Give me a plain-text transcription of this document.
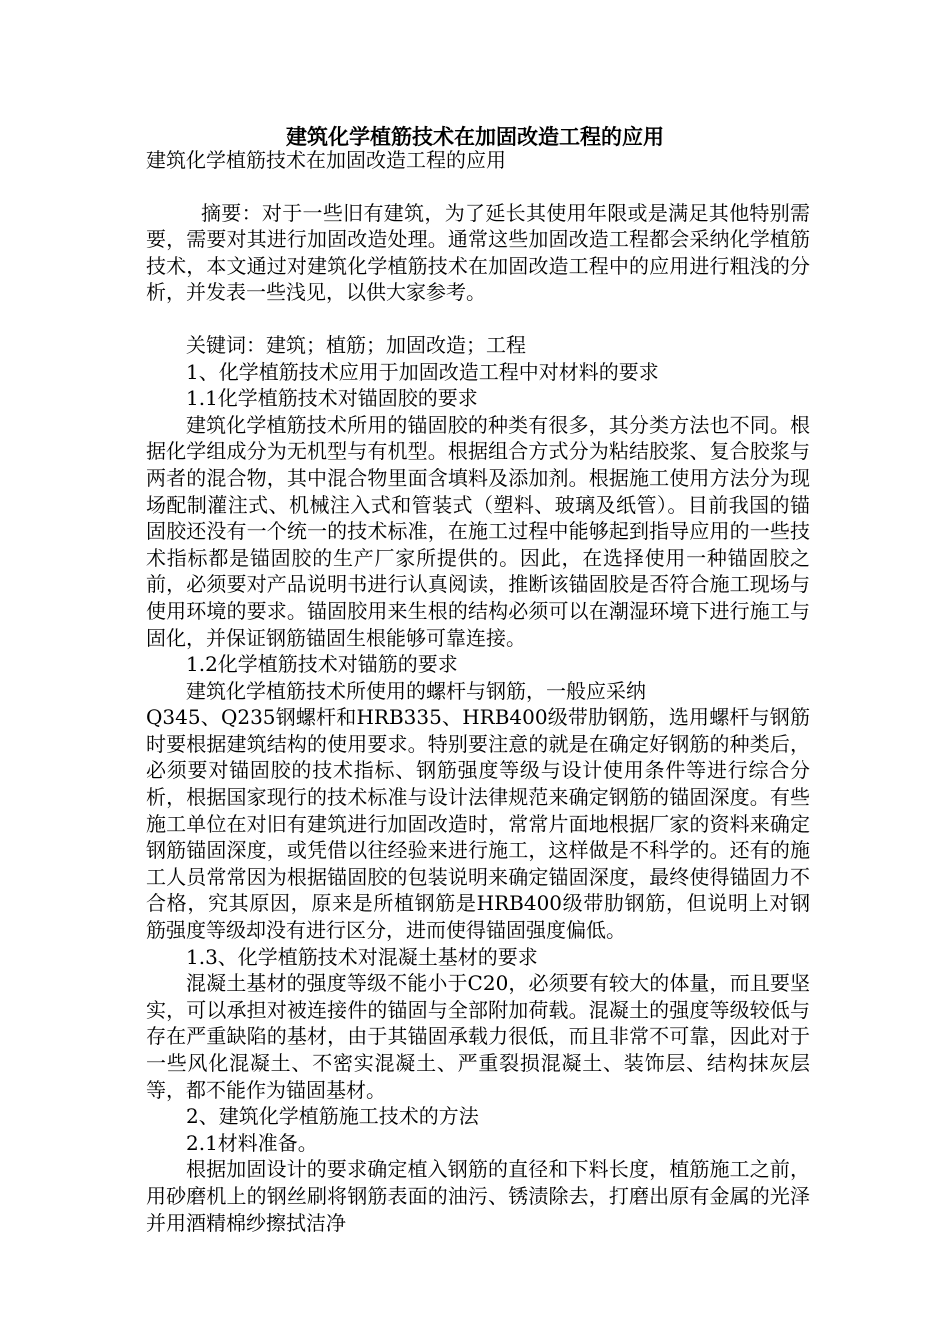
建筑化学植筋技术在加固改造工程的应用

建筑化学植筋技术在加固改造工程的应用

摘要：对于一些旧有建筑，为了延长其使用年限或是满足其他特别需要，需要对其进行加固改造处理。通常这些加固改造工程都会采纳化学植筋技术，本文通过对建筑化学植筋技术在加固改造工程中的应用进行粗浅的分析，并发表一些浅见，以供大家参考。

关键词：建筑；植筋；加固改造；工程

1、化学植筋技术应用于加固改造工程中对材料的要求

1.1化学植筋技术对锚固胶的要求

建筑化学植筋技术所用的锚固胶的种类有很多，其分类方法也不同。根据化学组成分为无机型与有机型。根据组合方式分为粘结胶浆、复合胶浆与两者的混合物，其中混合物里面含填料及添加剂。根据施工使用方法分为现场配制灌注式、机械注入式和管装式（塑料、玻璃及纸管）。目前我国的锚固胶还没有一个统一的技术标准，在施工过程中能够起到指导应用的一些技术指标都是锚固胶的生产厂家所提供的。因此，在选择使用一种锚固胶之前，必须要对产品说明书进行认真阅读，推断该锚固胶是否符合施工现场与使用环境的要求。锚固胶用来生根的结构必须可以在潮湿环境下进行施工与固化，并保证钢筋锚固生根能够可靠连接。

1.2化学植筋技术对锚筋的要求

建筑化学植筋技术所使用的螺杆与钢筋，一般应采纳

Q345、Q235钢螺杆和HRB335、HRB400级带肋钢筋，选用螺杆与钢筋时要根据建筑结构的使用要求。特别要注意的就是在确定好钢筋的种类后，必须要对锚固胶的技术指标、钢筋强度等级与设计使用条件等进行综合分析，根据国家现行的技术标准与设计法律规范来确定钢筋的锚固深度。有些施工单位在对旧有建筑进行加固改造时，常常片面地根据厂家的资料来确定钢筋锚固深度，或凭借以往经验来进行施工，这样做是不科学的。还有的施工人员常常因为根据锚固胶的包装说明来确定锚固深度，最终使得锚固力不合格，究其原因，原来是所植钢筋是HRB400级带肋钢筋，但说明上对钢筋强度等级却没有进行区分，进而使得锚固强度偏低。

1.3、化学植筋技术对混凝土基材的要求

混凝土基材的强度等级不能小于C20，必须要有较大的体量，而且要坚实，可以承担对被连接件的锚固与全部附加荷载。混凝土的强度等级较低与存在严重缺陷的基材，由于其锚固承载力很低，而且非常不可靠，因此对于一些风化混凝土、不密实混凝土、严重裂损混凝土、装饰层、结构抹灰层等，都不能作为锚固基材。

2、建筑化学植筋施工技术的方法

2.1材料准备。

根据加固设计的要求确定植入钢筋的直径和下料长度，植筋施工之前，用砂磨机上的钢丝刷将钢筋表面的油污、锈渍除去，打磨出原有金属的光泽并用酒精棉纱擦拭洁净
